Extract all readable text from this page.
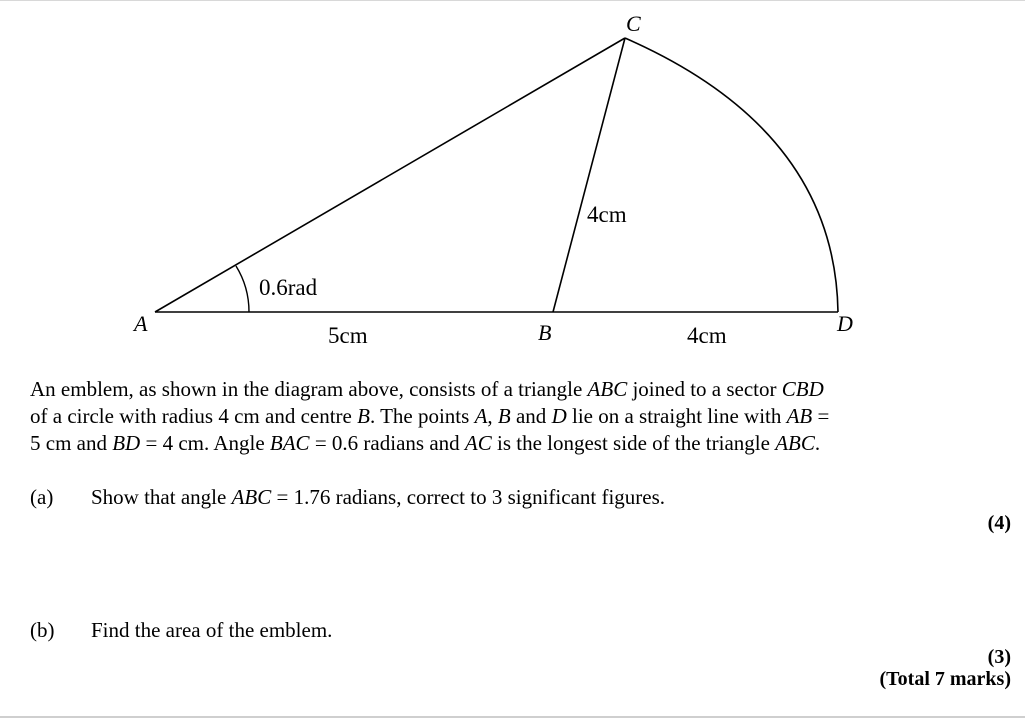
A	B
C
D
0.6rad
5cm
4cm
4cm
An emblem, as shown in the diagram above, consists of a triangle ABC joined to a sector CBD
of a circle with radius 4 cm and centre B. The points A, B and D lie on a straight line with AB =
5 cm and BD = 4 cm. Angle BAC = 0.6 radians and AC is the longest side of the triangle ABC.
(a) Show that angle ABC = 1.76 radians, correct to 3 significant figures.
(4)
(b) Find the area of the emblem.
(3)
(Total 7 marks)
